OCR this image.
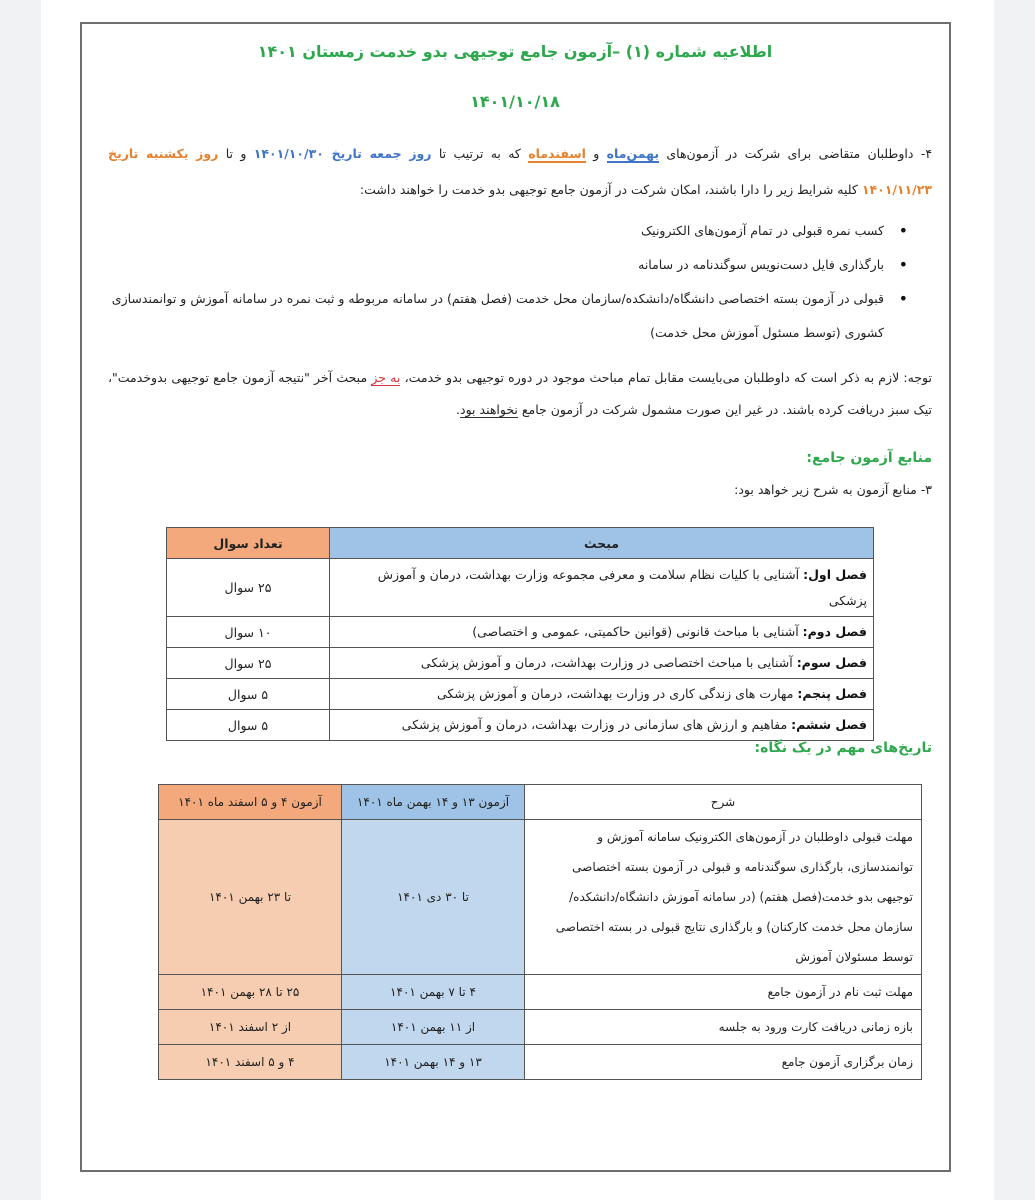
اطلاعیه شماره (۱) –آزمون جامع توجیهی بدو خدمت زمستان ۱۴۰۱
۱۴۰۱/۱۰/۱۸
۴- داوطلبان متقاضی برای شرکت در آزمون‌های بهمن‌ماه و اسفندماه که به ترتیب تا روز جمعه تاریخ ۱۴۰۱/۱۰/۳۰ و تا روز یکشنبه تاریخ ۱۴۰۱/۱۱/۲۳ کلیه شرایط زیر را دارا باشند، امکان شرکت در آزمون جامع توجیهی بدو خدمت را خواهند داشت:
• کسب نمره قبولی در تمام آزمون‌های الکترونیک
• بارگذاری فایل دست‌نویس سوگندنامه در سامانه
• قبولی در آزمون بسته اختصاصی دانشگاه/دانشکده/سازمان محل خدمت (فصل هفتم) در سامانه مربوطه و ثبت نمره در سامانه آموزش و توانمندسازی کشوری (توسط مسئول آموزش محل خدمت)
توجه: لازم به ذکر است که داوطلبان می‌بایست مقابل تمام مباحث موجود در دوره توجیهی بدو خدمت، به جز مبحث آخر "نتیجه آزمون جامع توجیهی بدوخدمت"، تیک سبز دریافت کرده باشند. در غیر این صورت مشمول شرکت در آزمون جامع نخواهند بود.
منابع آزمون جامع:
۳- منابع آزمون به شرح زیر خواهد بود:
مبحث	تعداد سوال
فصل اول: آشنایی با کلیات نظام سلامت و معرفی مجموعه وزارت بهداشت، درمان و آموزش پزشکی	۲۵ سوال
فصل دوم: آشنایی با مباحث قانونی (قوانین حاکمیتی، عمومی و اختصاصی)	۱۰ سوال
فصل سوم: آشنایی با مباحث اختصاصی در وزارت بهداشت، درمان و آموزش پزشکی	۲۵ سوال
فصل پنجم: مهارت های زندگی کاری در وزارت بهداشت، درمان و آموزش پزشکی	۵ سوال
فصل ششم: مفاهیم و ارزش های سازمانی در وزارت بهداشت، درمان و آموزش پزشکی	۵ سوال
تاریخ‌های مهم در یک نگاه:
شرح	آزمون ۱۳ و ۱۴ بهمن ماه ۱۴۰۱	آزمون ۴ و ۵ اسفند ماه ۱۴۰۱
مهلت قبولی داوطلبان در آزمون‌های الکترونیک سامانه آموزش و توانمندسازی، بارگذاری سوگندنامه و قبولی در آزمون بسته اختصاصی توجیهی بدو خدمت(فصل هفتم) (در سامانه آموزش دانشگاه/دانشکده/سازمان محل خدمت کارکنان) و بارگذاری نتایج قبولی در بسته اختصاصی توسط مسئولان آموزش	تا ۳۰ دی ۱۴۰۱	تا ۲۳ بهمن ۱۴۰۱
مهلت ثبت نام در آزمون جامع	۴ تا ۷ بهمن ۱۴۰۱	۲۵ تا ۲۸ بهمن ۱۴۰۱
بازه زمانی دریافت کارت ورود به جلسه	از ۱۱ بهمن ۱۴۰۱	از ۲ اسفند ۱۴۰۱
زمان برگزاری آزمون جامع	۱۳ و ۱۴ بهمن ۱۴۰۱	۴ و ۵ اسفند ۱۴۰۱
